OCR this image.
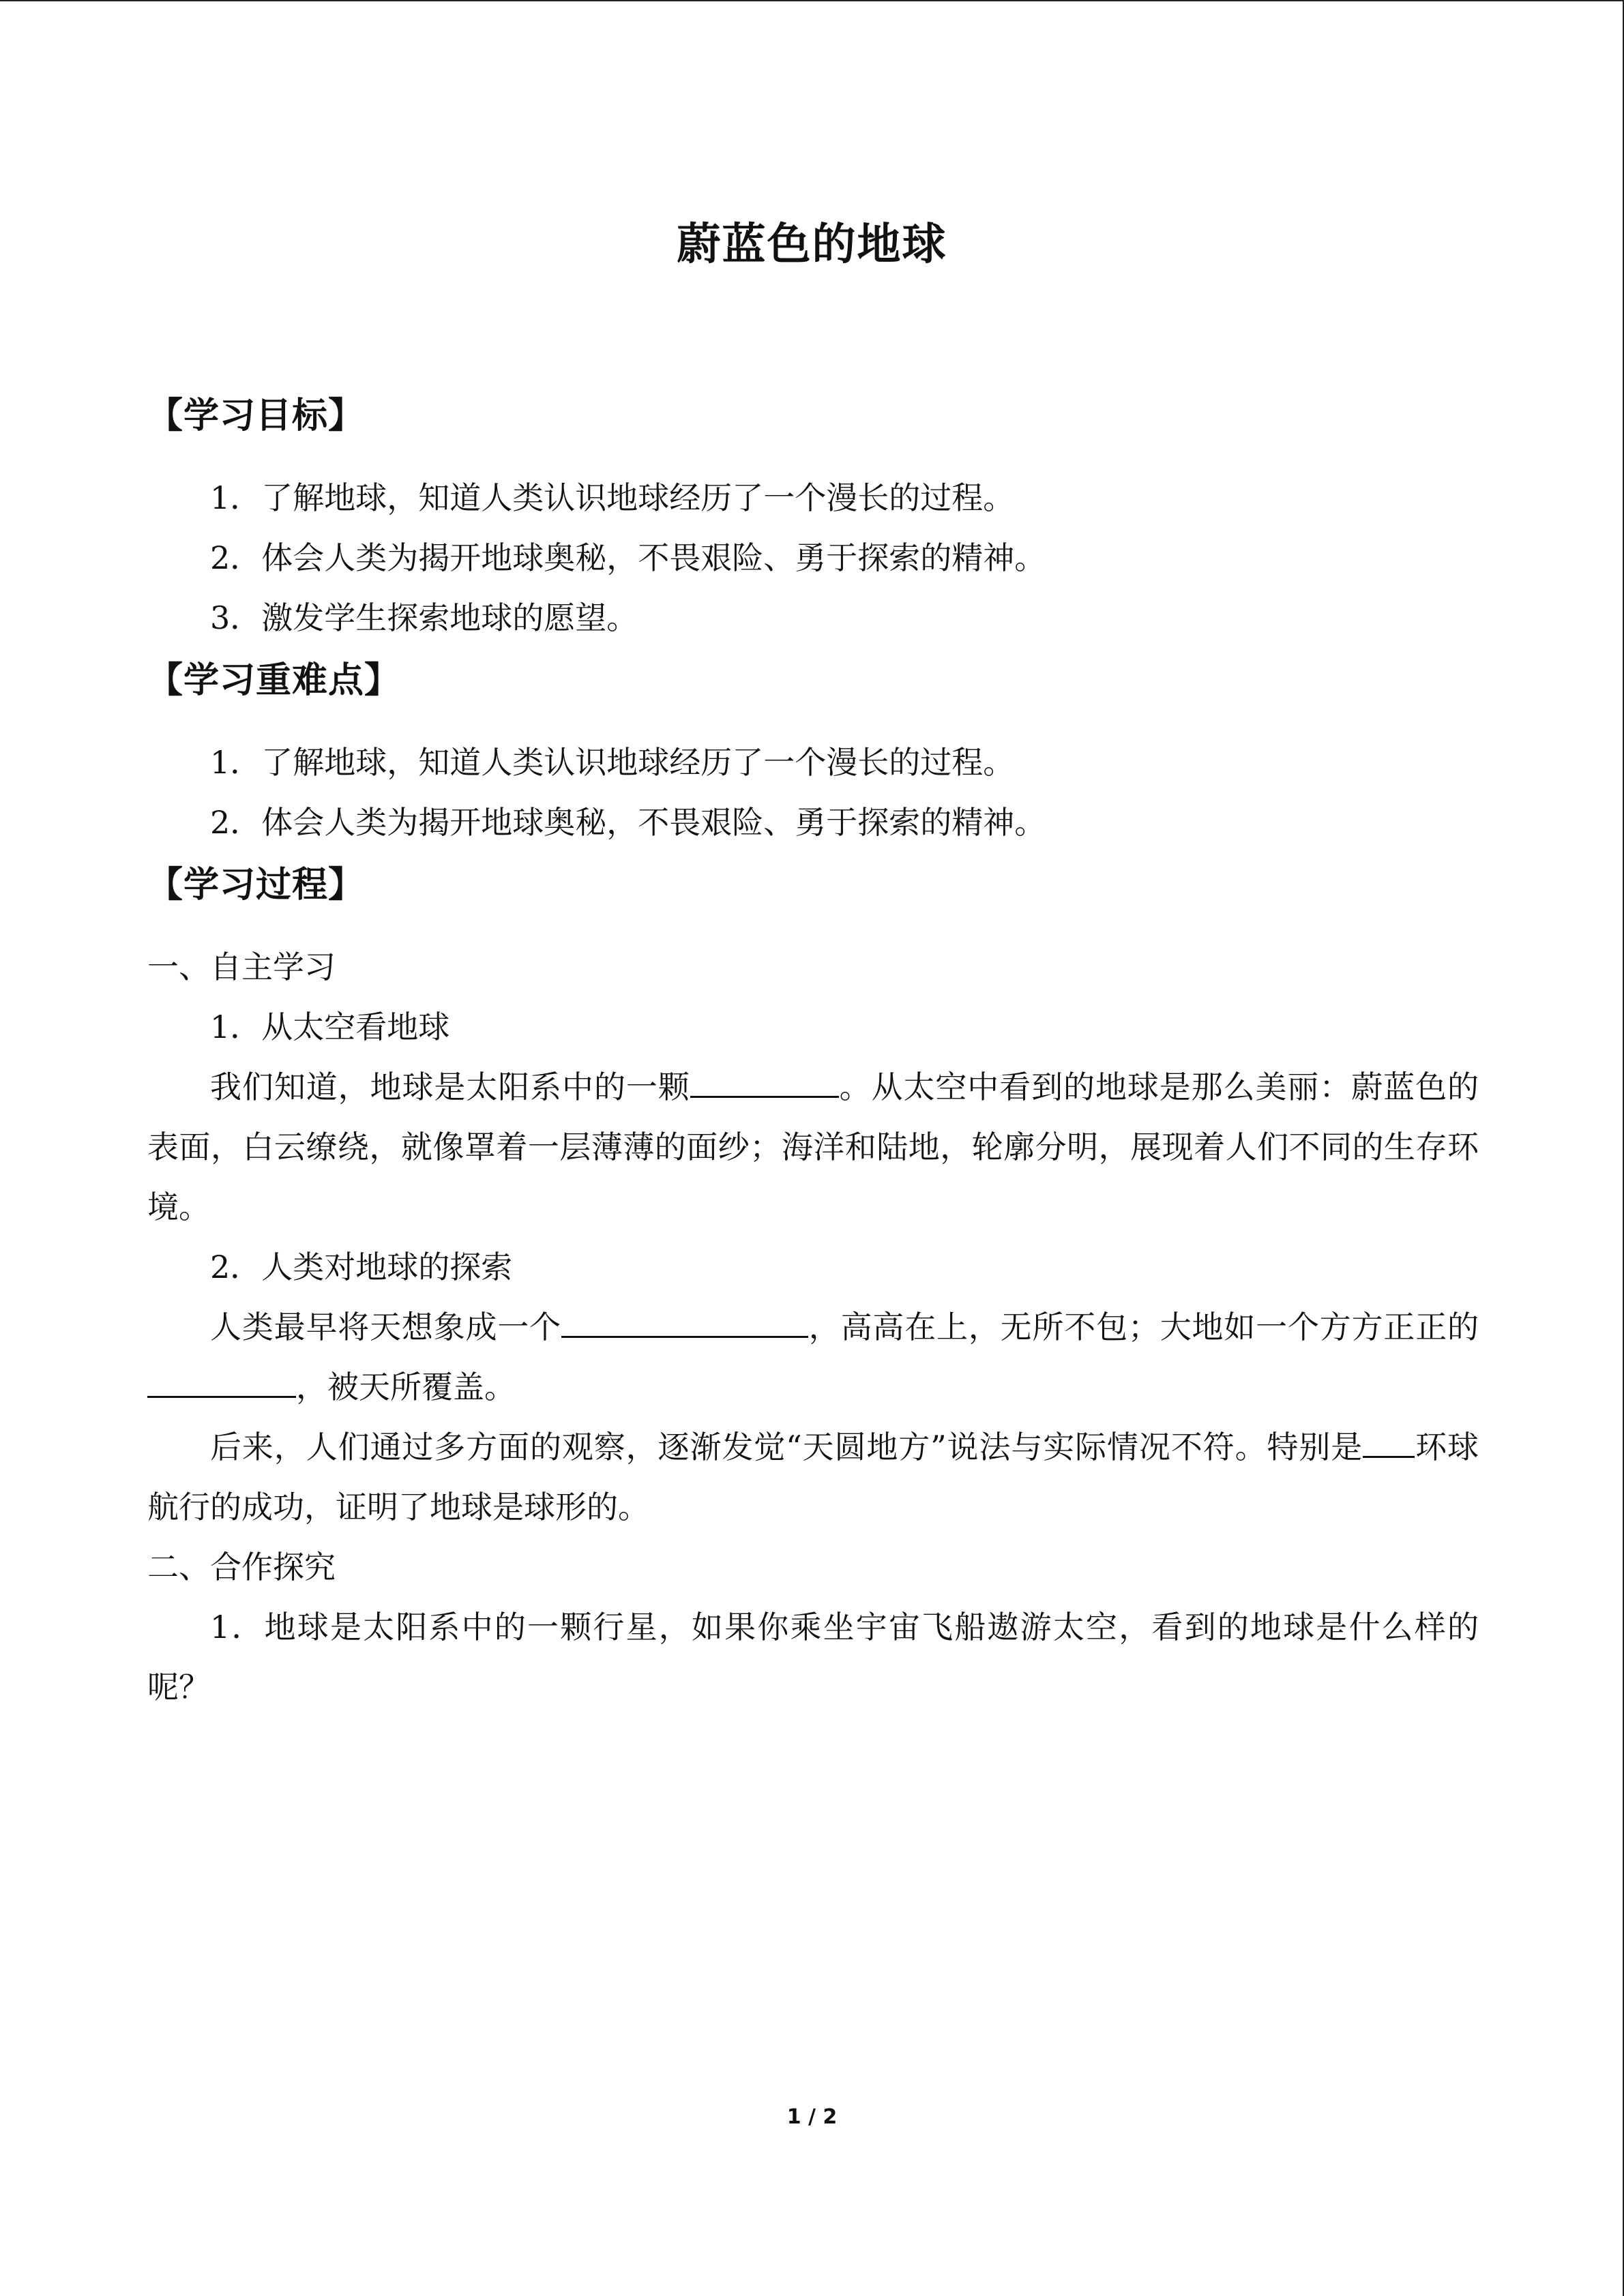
蔚蓝色的地球

【学习目标】

1．了解地球，知道人类认识地球经历了一个漫长的过程。

2．体会人类为揭开地球奥秘，不畏艰险、勇于探索的精神。

3．激发学生探索地球的愿望。

【学习重难点】

1．了解地球，知道人类认识地球经历了一个漫长的过程。

2．体会人类为揭开地球奥秘，不畏艰险、勇于探索的精神。

【学习过程】

一、自主学习

1．从太空看地球

我们知道，地球是太阳系中的一颗	。从太空中看到的地球是那么美丽：蔚蓝色的表面，白云缭绕，就像罩着一层薄薄的面纱；海洋和陆地，轮廓分明，展现着人们不同的生存环境。

2．人类对地球的探索

人类最早将天想象成一个	，高高在上，无所不包；大地如一个方方正正的，被天所覆盖。

后来，人们通过多方面的观察，逐渐发觉“天圆地方”说法与实际情况不符。特别是 环球航行的成功，证明了地球是球形的。

二、合作探究

1．地球是太阳系中的一颗行星，如果你乘坐宇宙飞船遨游太空，看到的地球是什么样的呢？

1 / 2
